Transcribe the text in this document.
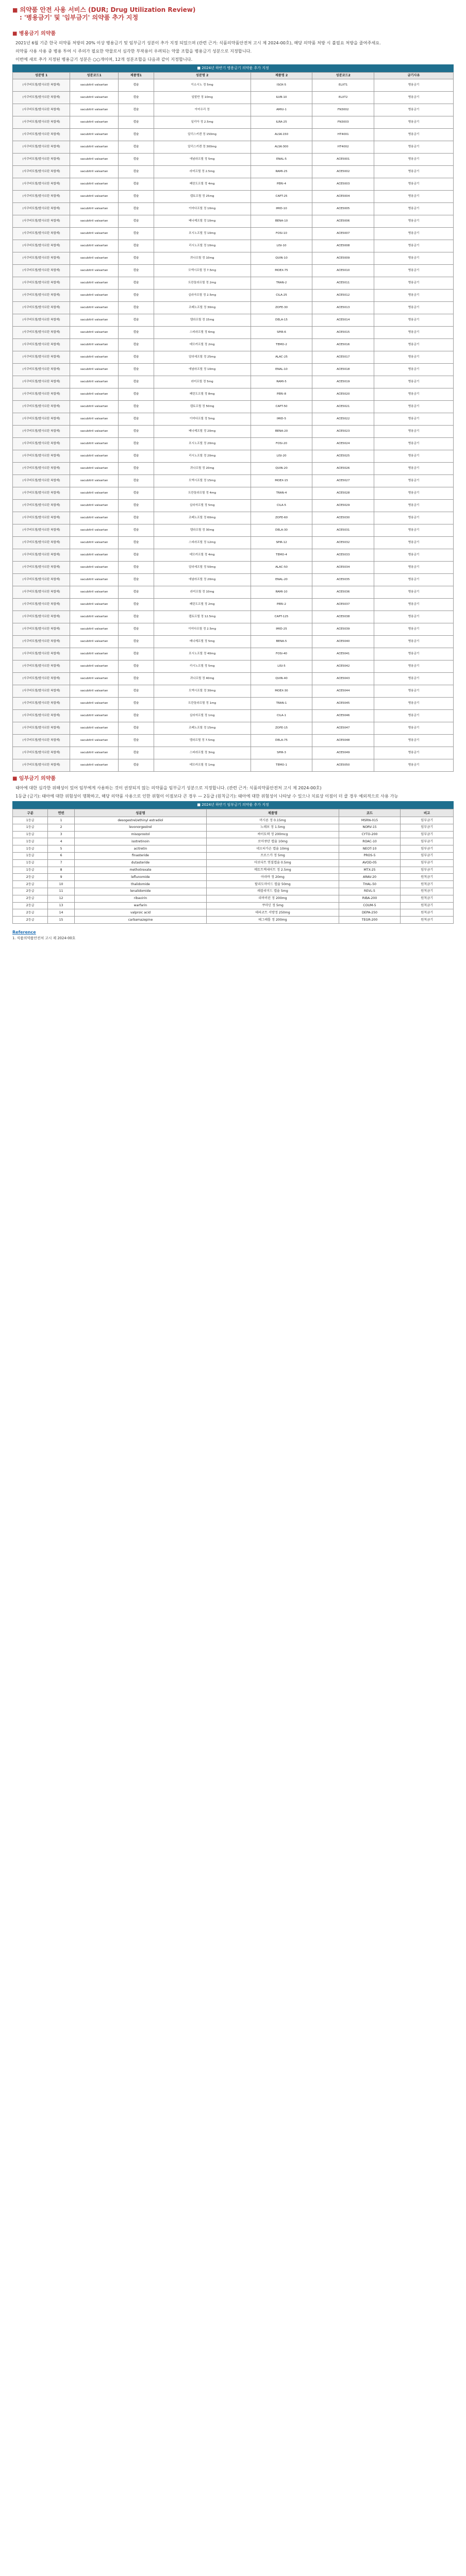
■ 의약품 안전 사용 서비스 (DUR; Drug Utilization Review)
: '병용금기' 및 '임부금기' 의약품 추가 지정
■ 병용금기 의약품

2021년 6월 기준 한국 의약품 처방의 20% 이상 병용금기 및 임부금기 성분이 추가 지정 되었으며 (관련 근거: 식품의약품안전처 고시 제 2024-00호), 해당 의약품 처방 시 불필요 처방을 줄여주세요.

의약품 사용 사용 중 병용 투여 시 주의가 필요한 약물로서 심각한 부작용이 우려되는 약물 조합을 병용금기 성분으로 지정합니다.

이번에 새로 추가 지정된 병용금기 성분은 ○○개이며, 12개 성분조합을 다음과 같이 지정합니다.

■ 2024년 하반기 병용금기 의약품 추가 지정
성분명 1	성분코드1	제품명1	성분명 2	제품명 2	성분코드2	금기사유
(사쿠비트릴/발사르탄 복합제)	sacubitril valsartan	캡슐	이소시노 정 5mg	ISOX-5	ELXT1	병용금기
(사쿠비트릴/발사르탄 복합제)	sacubitril valsartan	캡슐	일발반 정 10mg	ILVB-10	ELXT2	병용금기
(사쿠비트릴/발사르탄 복합제)	sacubitril valsartan	캡슐	아미우리 정	AMIU-1	FN3002	병용금기
(사쿠비트릴/발사르탄 복합제)	sacubitril valsartan	캡슐	일리아 정 2.5mg	ILRA-25	FN3003	병용금기
(사쿠비트릴/발사르탄 복합제)	sacubitril valsartan	캡슐	알리스키렌 정 150mg	ALSK-150	HT4001	병용금기
(사쿠비트릴/발사르탄 복합제)	sacubitril valsartan	캡슐	알리스키렌 정 300mg	ALSK-300	HT4002	병용금기
(사쿠비트릴/발사르탄 복합제)	sacubitril valsartan	캡슐	에날라프릴 정 5mg	ENAL-5	ACE5001	병용금기
(사쿠비트릴/발사르탄 복합제)	sacubitril valsartan	캡슐	라미프릴 정 2.5mg	RAMI-25	ACE5002	병용금기
(사쿠비트릴/발사르탄 복합제)	sacubitril valsartan	캡슐	페린도프릴 정 4mg	PERI-4	ACE5003	병용금기
(사쿠비트릴/발사르탄 복합제)	sacubitril valsartan	캡슐	캡토프릴 정 25mg	CAPT-25	ACE5004	병용금기
(사쿠비트릴/발사르탄 복합제)	sacubitril valsartan	캡슐	이미다프릴 정 10mg	IMID-10	ACE5005	병용금기
(사쿠비트릴/발사르탄 복합제)	sacubitril valsartan	캡슐	베나제프릴 정 10mg	BENA-10	ACE5006	병용금기
(사쿠비트릴/발사르탄 복합제)	sacubitril valsartan	캡슐	포시노프릴 정 10mg	FOSI-10	ACE5007	병용금기
(사쿠비트릴/발사르탄 복합제)	sacubitril valsartan	캡슐	리시노프릴 정 10mg	LISI-10	ACE5008	병용금기
(사쿠비트릴/발사르탄 복합제)	sacubitril valsartan	캡슐	퀴나프릴 정 10mg	QUIN-10	ACE5009	병용금기
(사쿠비트릴/발사르탄 복합제)	sacubitril valsartan	캡슐	모엑시프릴 정 7.5mg	MOEX-75	ACE5010	병용금기
(사쿠비트릴/발사르탄 복합제)	sacubitril valsartan	캡슐	트란돌라프릴 정 2mg	TRAN-2	ACE5011	병용금기
(사쿠비트릴/발사르탄 복합제)	sacubitril valsartan	캡슐	실라자프릴 정 2.5mg	CILA-25	ACE5012	병용금기
(사쿠비트릴/발사르탄 복합제)	sacubitril valsartan	캡슐	조페노프릴 정 30mg	ZOFE-30	ACE5013	병용금기
(사쿠비트릴/발사르탄 복합제)	sacubitril valsartan	캡슐	델라프릴 정 15mg	DELA-15	ACE5014	병용금기
(사쿠비트릴/발사르탄 복합제)	sacubitril valsartan	캡슐	스피라프릴 정 6mg	SPIR-6	ACE5015	병용금기
(사쿠비트릴/발사르탄 복합제)	sacubitril valsartan	캡슐	테모카프릴 정 2mg	TEMO-2	ACE5016	병용금기
(사쿠비트릴/발사르탄 복합제)	sacubitril valsartan	캡슐	알라세프릴 정 25mg	ALAC-25	ACE5017	병용금기
(사쿠비트릴/발사르탄 복합제)	sacubitril valsartan	캡슐	에날라프릴 정 10mg	ENAL-10	ACE5018	병용금기
(사쿠비트릴/발사르탄 복합제)	sacubitril valsartan	캡슐	라미프릴 정 5mg	RAMI-5	ACE5019	병용금기
(사쿠비트릴/발사르탄 복합제)	sacubitril valsartan	캡슐	페린도프릴 정 8mg	PERI-8	ACE5020	병용금기
(사쿠비트릴/발사르탄 복합제)	sacubitril valsartan	캡슐	캡토프릴 정 50mg	CAPT-50	ACE5021	병용금기
(사쿠비트릴/발사르탄 복합제)	sacubitril valsartan	캡슐	이미다프릴 정 5mg	IMID-5	ACE5022	병용금기
(사쿠비트릴/발사르탄 복합제)	sacubitril valsartan	캡슐	베나제프릴 정 20mg	BENA-20	ACE5023	병용금기
(사쿠비트릴/발사르탄 복합제)	sacubitril valsartan	캡슐	포시노프릴 정 20mg	FOSI-20	ACE5024	병용금기
(사쿠비트릴/발사르탄 복합제)	sacubitril valsartan	캡슐	리시노프릴 정 20mg	LISI-20	ACE5025	병용금기
(사쿠비트릴/발사르탄 복합제)	sacubitril valsartan	캡슐	퀴나프릴 정 20mg	QUIN-20	ACE5026	병용금기
(사쿠비트릴/발사르탄 복합제)	sacubitril valsartan	캡슐	모엑시프릴 정 15mg	MOEX-15	ACE5027	병용금기
(사쿠비트릴/발사르탄 복합제)	sacubitril valsartan	캡슐	트란돌라프릴 정 4mg	TRAN-4	ACE5028	병용금기
(사쿠비트릴/발사르탄 복합제)	sacubitril valsartan	캡슐	실라자프릴 정 5mg	CILA-5	ACE5029	병용금기
(사쿠비트릴/발사르탄 복합제)	sacubitril valsartan	캡슐	조페노프릴 정 60mg	ZOFE-60	ACE5030	병용금기
(사쿠비트릴/발사르탄 복합제)	sacubitril valsartan	캡슐	델라프릴 정 30mg	DELA-30	ACE5031	병용금기
(사쿠비트릴/발사르탄 복합제)	sacubitril valsartan	캡슐	스피라프릴 정 12mg	SPIR-12	ACE5032	병용금기
(사쿠비트릴/발사르탄 복합제)	sacubitril valsartan	캡슐	테모카프릴 정 4mg	TEMO-4	ACE5033	병용금기
(사쿠비트릴/발사르탄 복합제)	sacubitril valsartan	캡슐	알라세프릴 정 50mg	ALAC-50	ACE5034	병용금기
(사쿠비트릴/발사르탄 복합제)	sacubitril valsartan	캡슐	에날라프릴 정 20mg	ENAL-20	ACE5035	병용금기
(사쿠비트릴/발사르탄 복합제)	sacubitril valsartan	캡슐	라미프릴 정 10mg	RAMI-10	ACE5036	병용금기
(사쿠비트릴/발사르탄 복합제)	sacubitril valsartan	캡슐	페린도프릴 정 2mg	PERI-2	ACE5037	병용금기
(사쿠비트릴/발사르탄 복합제)	sacubitril valsartan	캡슐	캡토프릴 정 12.5mg	CAPT-125	ACE5038	병용금기
(사쿠비트릴/발사르탄 복합제)	sacubitril valsartan	캡슐	이미다프릴 정 2.5mg	IMID-25	ACE5039	병용금기
(사쿠비트릴/발사르탄 복합제)	sacubitril valsartan	캡슐	베나제프릴 정 5mg	BENA-5	ACE5040	병용금기
(사쿠비트릴/발사르탄 복합제)	sacubitril valsartan	캡슐	포시노프릴 정 40mg	FOSI-40	ACE5041	병용금기
(사쿠비트릴/발사르탄 복합제)	sacubitril valsartan	캡슐	리시노프릴 정 5mg	LISI-5	ACE5042	병용금기
(사쿠비트릴/발사르탄 복합제)	sacubitril valsartan	캡슐	퀴나프릴 정 40mg	QUIN-40	ACE5043	병용금기
(사쿠비트릴/발사르탄 복합제)	sacubitril valsartan	캡슐	모엑시프릴 정 30mg	MOEX-30	ACE5044	병용금기
(사쿠비트릴/발사르탄 복합제)	sacubitril valsartan	캡슐	트란돌라프릴 정 1mg	TRAN-1	ACE5045	병용금기
(사쿠비트릴/발사르탄 복합제)	sacubitril valsartan	캡슐	실라자프릴 정 1mg	CILA-1	ACE5046	병용금기
(사쿠비트릴/발사르탄 복합제)	sacubitril valsartan	캡슐	조페노프릴 정 15mg	ZOFE-15	ACE5047	병용금기
(사쿠비트릴/발사르탄 복합제)	sacubitril valsartan	캡슐	델라프릴 정 7.5mg	DELA-75	ACE5048	병용금기
(사쿠비트릴/발사르탄 복합제)	sacubitril valsartan	캡슐	스피라프릴 정 3mg	SPIR-3	ACE5049	병용금기
(사쿠비트릴/발사르탄 복합제)	sacubitril valsartan	캡슐	테모카프릴 정 1mg	TEMO-1	ACE5050	병용금기
■ 임부금기 의약품

태아에 대한 심각한 위해성이 있어 임부에게 사용하는 것이 권장되지 않는 의약품을 임부금기 성분으로 지정합니다. (관련 근거: 식품의약품안전처 고시 제 2024-00호)

1등급 (금기): 태아에 대한 위험성이 명확하고, 해당 의약품 사용으로 인한 위험이 이점보다 큰 경우 — 2등급 (원칙금기): 태아에 대한 위험성이 나타날 수 있으나 치료상 이점이 더 클 경우 예외적으로 사용 가능

■ 2024년 하반기 임부금기 의약품 추가 지정
구분	연번	성분명	제품명	코드	비고
1등급	1	desogestrel/ethinyl estradiol	머시론 정 0.15mg	MSRN-015	임부금기
1등급	2	levonorgestrel	노레보 정 1.5mg	NORV-15	임부금기
1등급	3	misoprostol	싸이토텍 정 200mcg	CYTO-200	임부금기
1등급	4	isotretinoin	로아큐탄 캡슐 10mg	ROAC-10	임부금기
1등급	5	acitretin	네오티가손 캡슐 10mg	NEOT-10	임부금기
1등급	6	finasteride	프로스카 정 5mg	PROS-5	임부금기
1등급	7	dutasteride	아보다트 연질캡슐 0.5mg	AVOD-05	임부금기
1등급	8	methotrexate	메토트렉세이트 정 2.5mg	MTX-25	임부금기
2등급	9	leflunomide	아라바 정 20mg	ARAV-20	원칙금기
2등급	10	thalidomide	탈리도마이드 캡슐 50mg	THAL-50	원칙금기
2등급	11	lenalidomide	레블리미드 캡슐 5mg	REVL-5	원칙금기
2등급	12	ribavirin	리바비린 정 200mg	RIBA-200	원칙금기
2등급	13	warfarin	쿠마딘 정 5mg	COUM-5	원칙금기
2등급	14	valproic acid	데파코트 서방정 250mg	DEPA-250	원칙금기
2등급	15	carbamazepine	테그레톨 정 200mg	TEGR-200	원칙금기
Reference
1. 식품의약품안전처 고시 제 2024-00호
